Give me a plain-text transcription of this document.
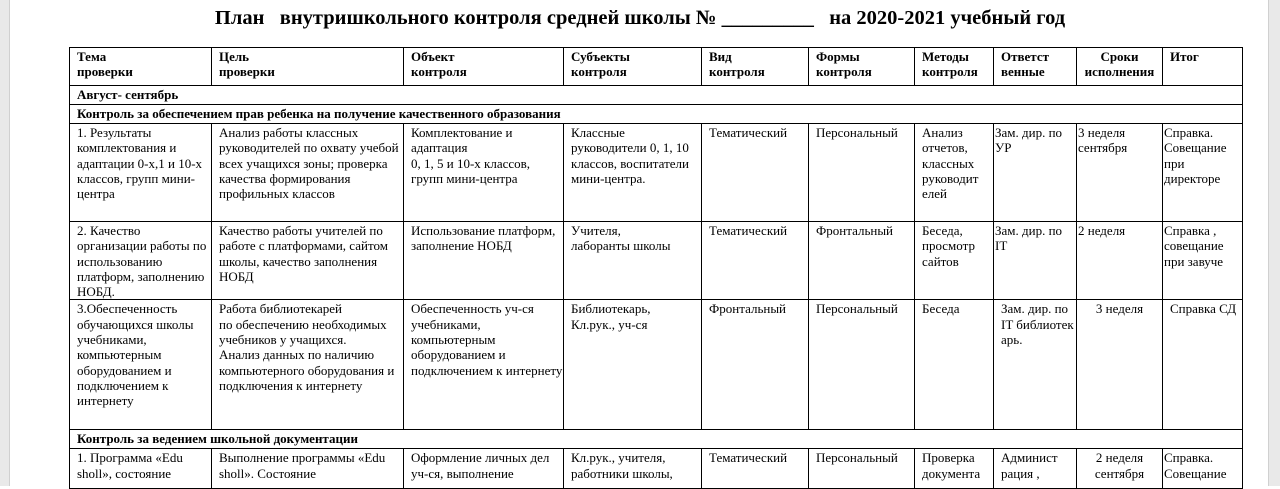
План   внутришкольного контроля средней школы № _________   на 2020-2021 учебный год
Тема
проверки	Цель
проверки	Объект
контроля	Субъекты
контроля	Вид
контроля	Формы
контроля	Методы
контроля	Ответст
венные	Сроки
исполнения	Итог
Август- сентябрь									
Контроль за обеспечением прав ребенка на получение качественного образования									
1. Результаты комплектования и адаптации 0-х,1 и 10-х классов, групп мини-центра	Анализ работы классных руководителей по охвату учебой всех учащихся зоны; проверка качества формирования профильных классов	Комплектование и адаптация
0, 1, 5 и 10-х классов, групп мини-центра	Классные руководители 0, 1, 10 классов, воспитатели мини-центра.	Тематический	Персональный	Анализ отчетов, классных руководит елей	Зам. дир. по УР	3 неделя сентября	Справка. Совещание при директоре
2. Качество организации работы по использованию платформ, заполнению НОБД.	Качество работы учителей по работе с платформами, сайтом школы, качество заполнения НОБД	Использование платформ, заполнение НОБД	Учителя,
лаборанты школы	Тематический	Фронтальный	Беседа, просмотр сайтов	Зам. дир. по IT	2 неделя	Справка , совещание при завуче
3.Обеспеченность обучающихся школы учебниками, компьютерным оборудованием и подключением к интернету	Работа библиотекарей
по обеспечению необходимых учебников у учащихся.
Анализ данных по наличию компьютерного оборудования и подключения к интернету	Обеспеченность уч-ся учебниками, компьютерным оборудованием и подключением к интернету	Библиотекарь,
Кл.рук., уч-ся	Фронтальный	Персональный	Беседа	Зам. дир. по IT библиотек арь.	3 неделя	Справка СД
Контроль за ведением школьной документации									
1. Программа «Edu sholl», состояние	Выполнение программы «Edu sholl». Состояние	Оформление личных дел уч-ся, выполнение	Кл.рук., учителя, работники школы,	Тематический	Персональный	Проверка документа	Админист рация ,	2 неделя сентября	Справка. Совещание
